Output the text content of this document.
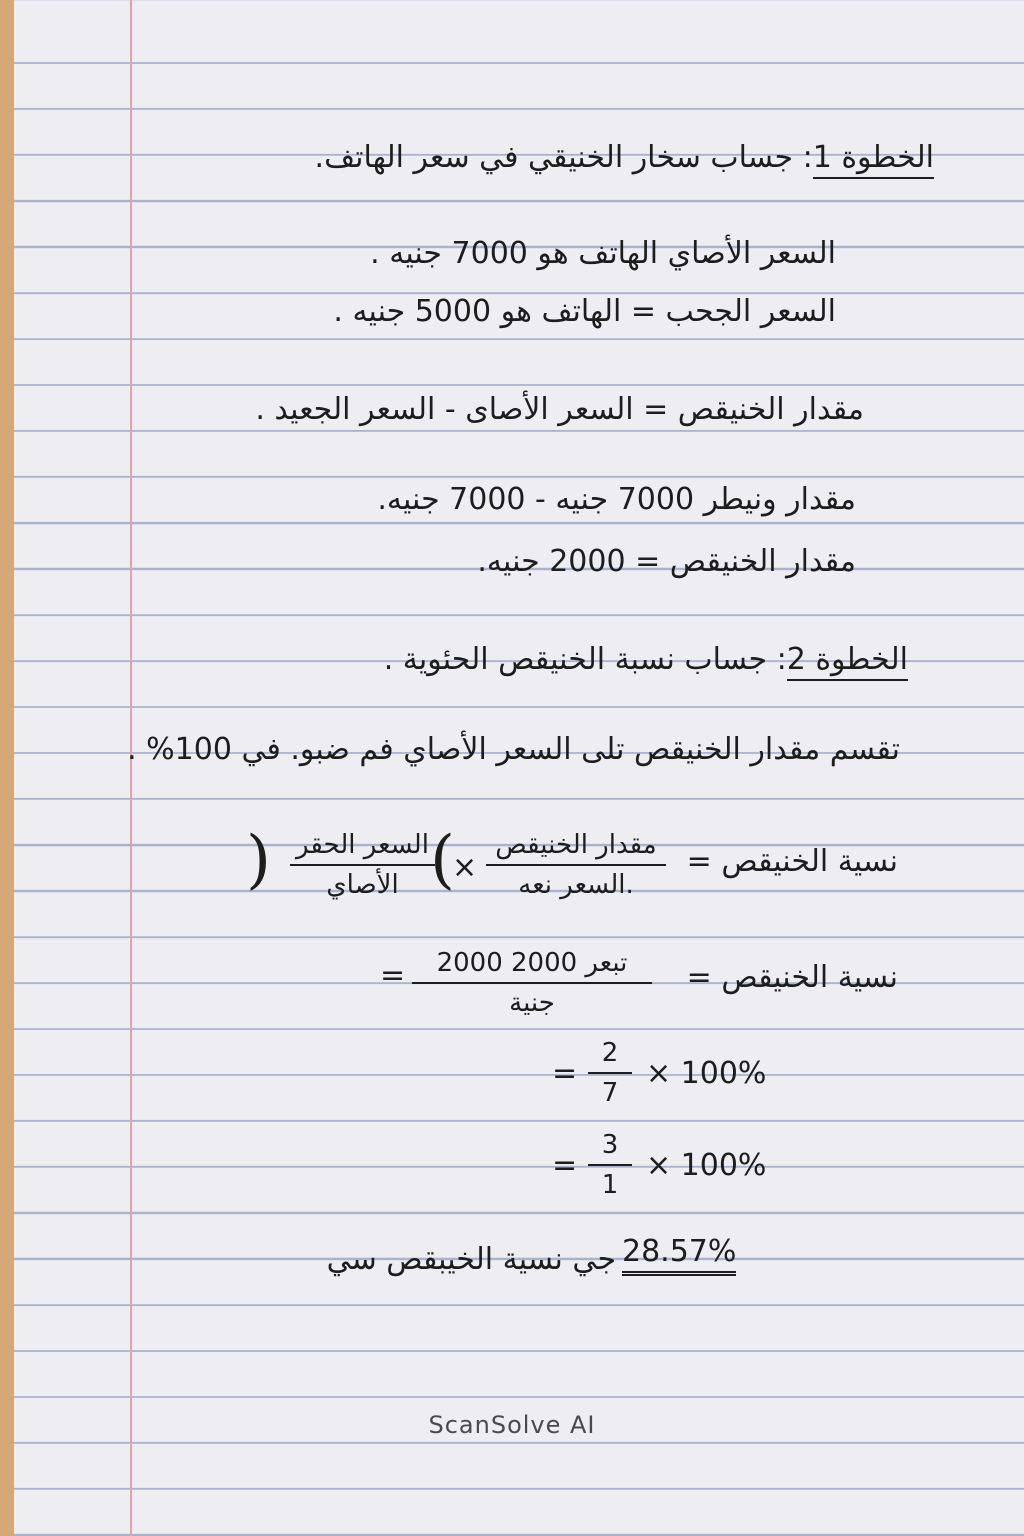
الخطوة 1: جساب سخار الخنيقي في سعر الهاتف.
السعر الأصاي الهاتف هو 7000 جنيه .
السعر الجحب = الهاتف هو 5000 جنيه .
مقدار الخنيقص = السعر الأصاى - السعر الجعيد .
مقدار ونيطر 7000 جنيه - 7000 جنيه.
مقدار الخنيقص = 2000 جنيه.
الخطوة 2: جساب نسبة الخنيقص الحئوية .
تقسم مقدار الخنيقص تلى السعر الأصاي فم ضبو. في 100% .
نسية الخنيقص =
مقدار الخنيقص
السعر نعه.
×
(
السعر الحقر
الأصاي
)
نسية الخنيقص =
2000 تبعر 2000
جنية
=
= $\frac{2}{7} \times 100\%$
= $\frac{3}{1} \times 100\%$
28.57%
جي نسية الخيبقص سي
ScanSolve AI
